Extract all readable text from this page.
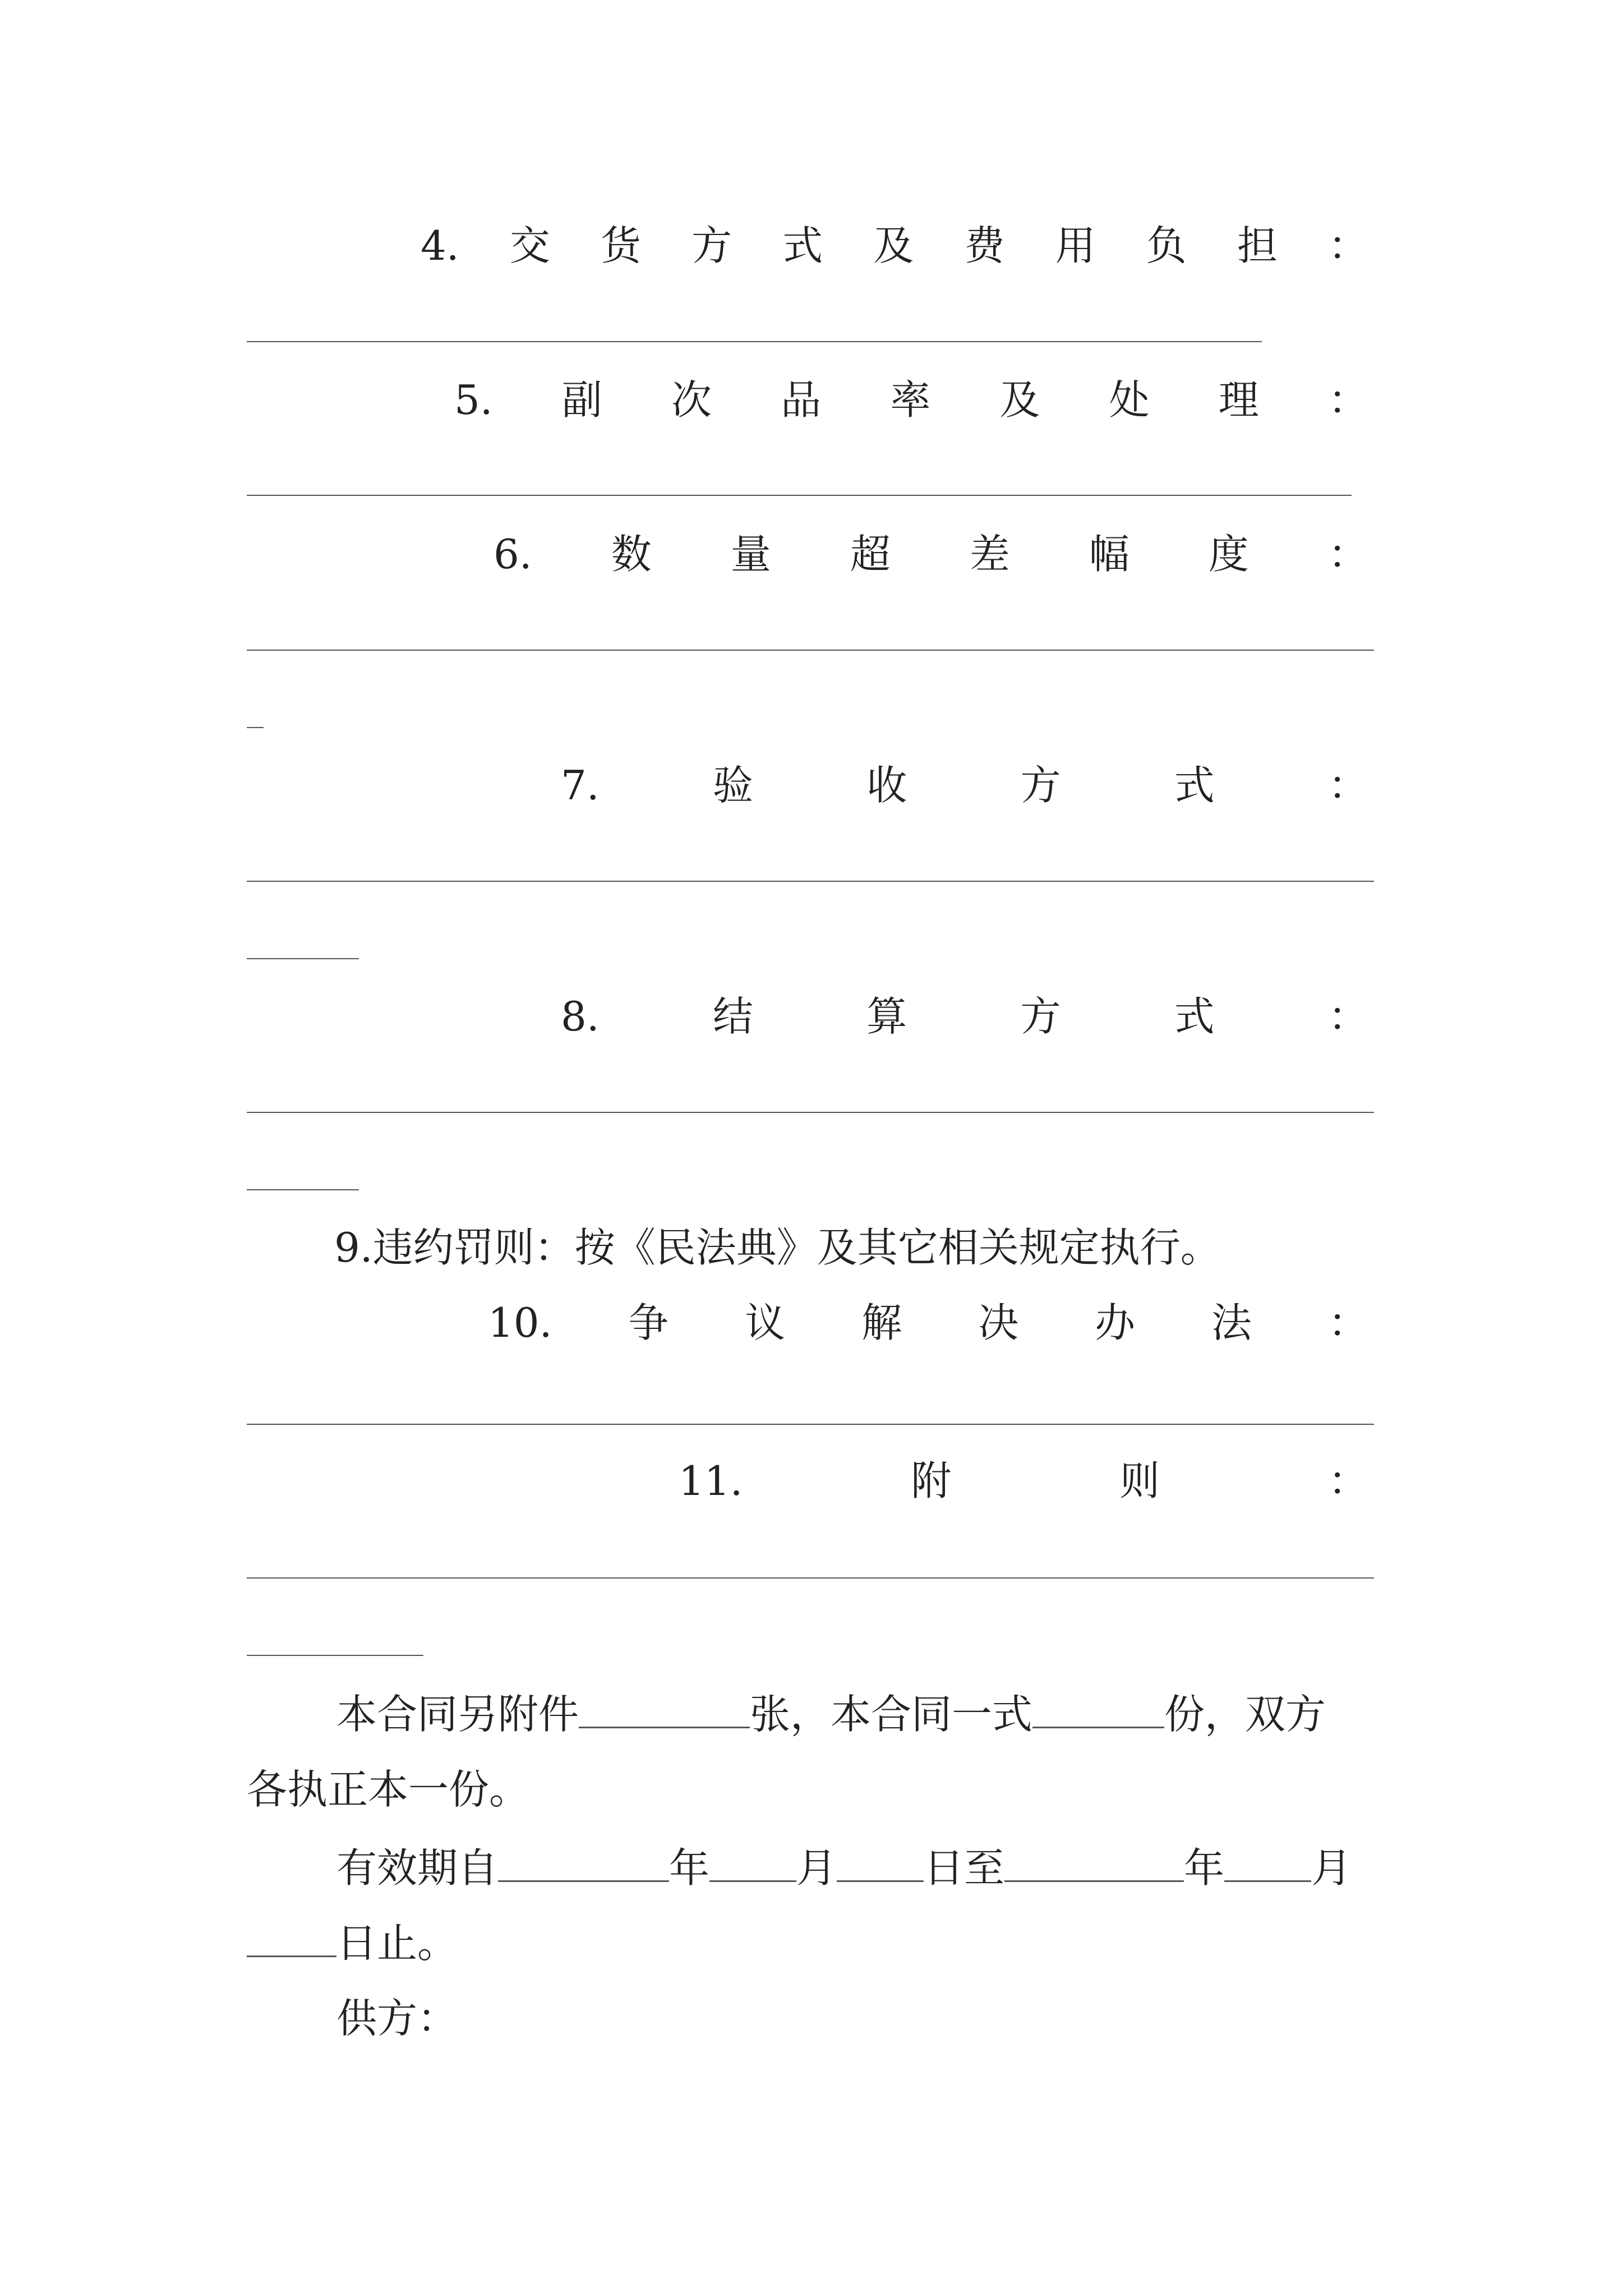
4. 交 货 方 式 及 费 用 负 担 ：
5. 副 次 品 率 及 处 理 ：
6. 数 量 超 差 幅 度 ：
7.	验	收	方	式	：
8.	结	算	方	式	：
9.违约罚则：按《民法典》及其它相关规定执行。
10. 争 议 解 决 办 法 ：
11.	附	则	：
本合同另附件	张，本合同一式	份，双方
各执正本一份。
有效期自	年 月 日至	年 月
日止。
供方：
